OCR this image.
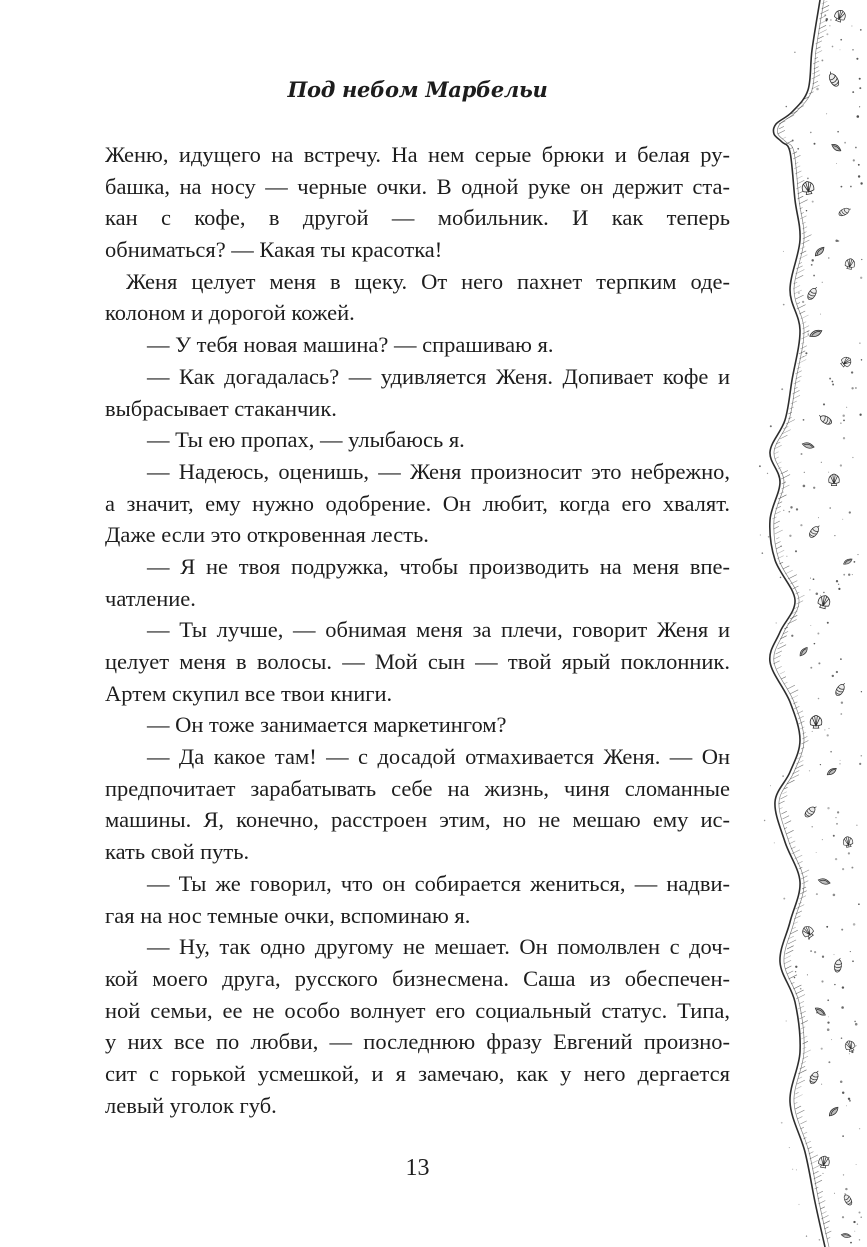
Под небом Марбельи
Женю, идущего на встречу. На нем серые брюки и белая ру-
башка, на носу — черные очки. В одной руке он держит ста-
кан с кофе, в другой — мобильник. И как теперь
обниматься? — Какая ты красотка!
Женя целует меня в щеку. От него пахнет терпким оде-
колоном и дорогой кожей.
— У тебя новая машина? — спрашиваю я.
— Как догадалась? — удивляется Женя. Допивает кофе и
выбрасывает стаканчик.
— Ты ею пропах, — улыбаюсь я.
— Надеюсь, оценишь, — Женя произносит это небрежно,
а значит, ему нужно одобрение. Он любит, когда его хвалят.
Даже если это откровенная лесть.
— Я не твоя подружка, чтобы производить на меня впе-
чатление.
— Ты лучше, — обнимая меня за плечи, говорит Женя и
целует меня в волосы. — Мой сын — твой ярый поклонник.
Артем скупил все твои книги.
— Он тоже занимается маркетингом?
— Да какое там! — с досадой отмахивается Женя. — Он
предпочитает зарабатывать себе на жизнь, чиня сломанные
машины. Я, конечно, расстроен этим, но не мешаю ему ис-
кать свой путь.
— Ты же говорил, что он собирается жениться, — надви-
гая на нос темные очки, вспоминаю я.
— Ну, так одно другому не мешает. Он помолвлен с доч-
кой моего друга, русского бизнесмена. Саша из обеспечен-
ной семьи, ее не особо волнует его социальный статус. Типа,
у них все по любви, — последнюю фразу Евгений произно-
сит с горькой усмешкой, и я замечаю, как у него дергается
левый уголок губ.
13
